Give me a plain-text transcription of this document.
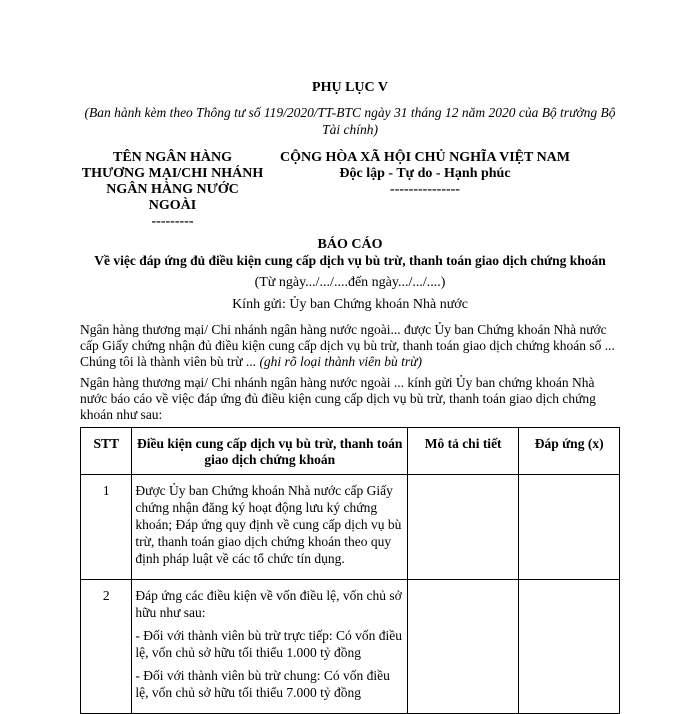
PHỤ LỤC V
(Ban hành kèm theo Thông tư số 119/2020/TT-BTC ngày 31 tháng 12 năm 2020 của Bộ trưởng Bộ Tài chính)
TÊN NGÂN HÀNG
THƯƠNG MẠI/CHI NHÁNH
NGÂN HÀNG NƯỚC
NGOÀI
---------
CỘNG HÒA XÃ HỘI CHỦ NGHĨA VIỆT NAM
Độc lập - Tự do - Hạnh phúc
---------------
BÁO CÁO
Về việc đáp ứng đủ điều kiện cung cấp dịch vụ bù trừ, thanh toán giao dịch chứng khoán
(Từ ngày.../.../....đến ngày.../.../....)
Kính gửi: Ủy ban Chứng khoán Nhà nước
Ngân hàng thương mại/ Chi nhánh ngân hàng nước ngoài... được Ủy ban Chứng khoán Nhà nước cấp Giấy chứng nhận đủ điều kiện cung cấp dịch vụ bù trừ, thanh toán giao dịch chứng khoán số ... Chúng tôi là thành viên bù trừ ... (ghi rõ loại thành viên bù trừ)
Ngân hàng thương mại/ Chi nhánh ngân hàng nước ngoài ... kính gửi Ủy ban chứng khoán Nhà nước báo cáo về việc đáp ứng đủ điều kiện cung cấp dịch vụ bù trừ, thanh toán giao dịch chứng khoán như sau:
STT	Điều kiện cung cấp dịch vụ bù trừ, thanh toán giao dịch chứng khoán	Mô tả chi tiết	Đáp ứng (x)
1	Được Ủy ban Chứng khoán Nhà nước cấp Giấy chứng nhận đăng ký hoạt động lưu ký chứng khoán; Đáp ứng quy định về cung cấp dịch vụ bù trừ, thanh toán giao dịch chứng khoán theo quy định pháp luật về các tổ chức tín dụng.		

2	Đáp ứng các điều kiện về vốn điều lệ, vốn chủ sở hữu như sau:
- Đối với thành viên bù trừ trực tiếp: Có vốn điều lệ, vốn chủ sở hữu tối thiểu 1.000 tỷ đồng
- Đối với thành viên bù trừ chung: Có vốn điều lệ, vốn chủ sở hữu tối thiểu 7.000 tỷ đồng		
